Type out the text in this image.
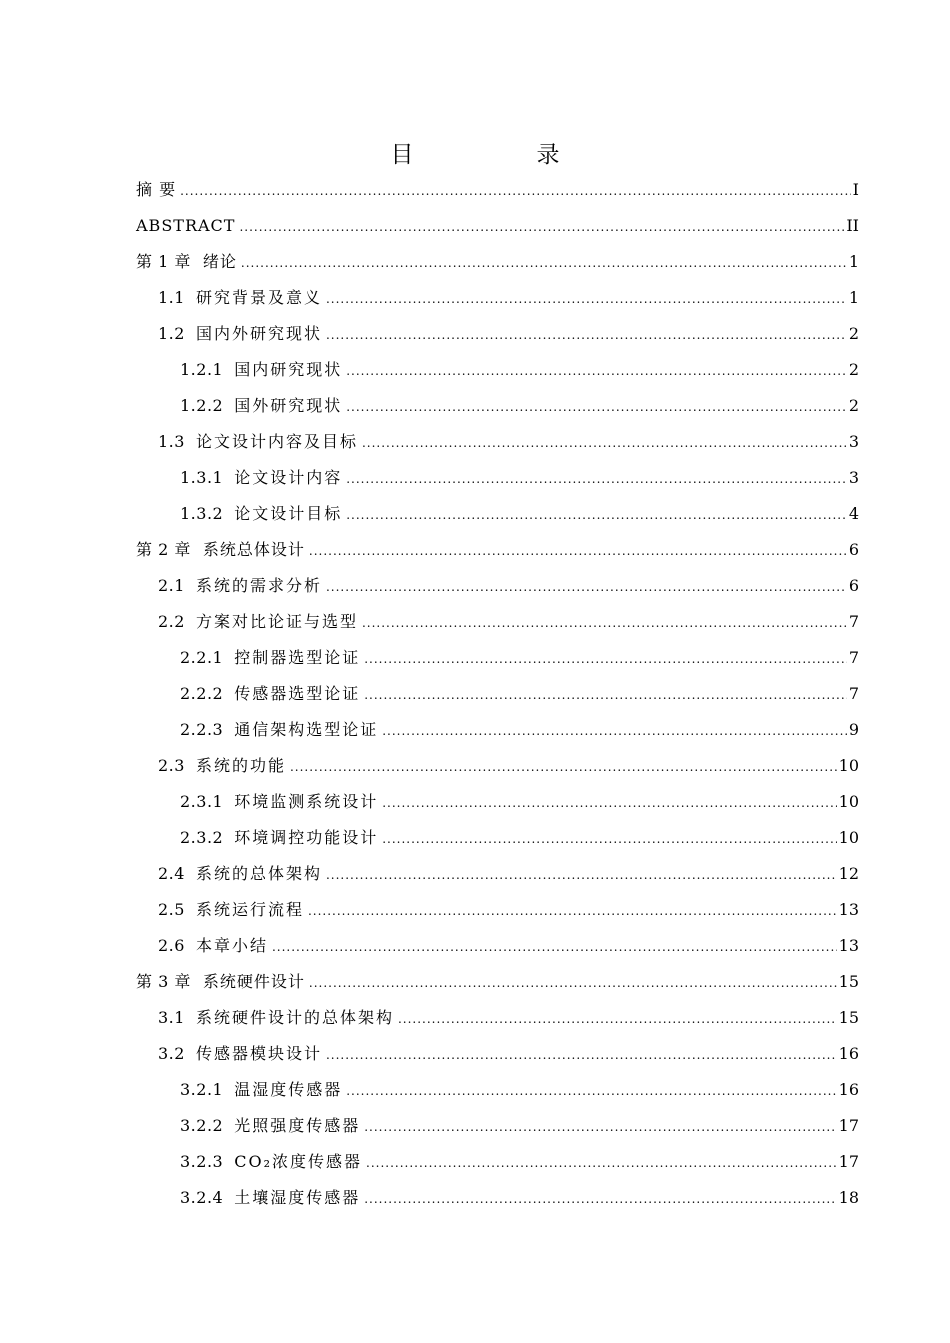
目　录
摘 要 .....	I
ABSTRACT .....	II
第 1 章 绪论 .....	1
1.1 研究背景及意义 .....	1
1.2 国内外研究现状 .....	2
1.2.1 国内研究现状 .....	2
1.2.2 国外研究现状 .....	2
1.3 论文设计内容及目标 .....	3
1.3.1 论文设计内容 .....	3
1.3.2 论文设计目标 .....	4
第 2 章 系统总体设计 .....	6
2.1 系统的需求分析 .....	6
2.2 方案对比论证与选型 .....	7
2.2.1 控制器选型论证 .....	7
2.2.2 传感器选型论证 .....	7
2.2.3 通信架构选型论证 .....	9
2.3 系统的功能 .....	10
2.3.1 环境监测系统设计 .....	10
2.3.2 环境调控功能设计 .....	10
2.4 系统的总体架构 .....	12
2.5 系统运行流程 .....	13
2.6 本章小结 .....	13
第 3 章 系统硬件设计 .....	15
3.1 系统硬件设计的总体架构 .....	15
3.2 传感器模块设计 .....	16
3.2.1 温湿度传感器 .....	16
3.2.2 光照强度传感器 .....	17
3.2.3 CO₂浓度传感器 .....	17
3.2.4 土壤湿度传感器 .....	18
